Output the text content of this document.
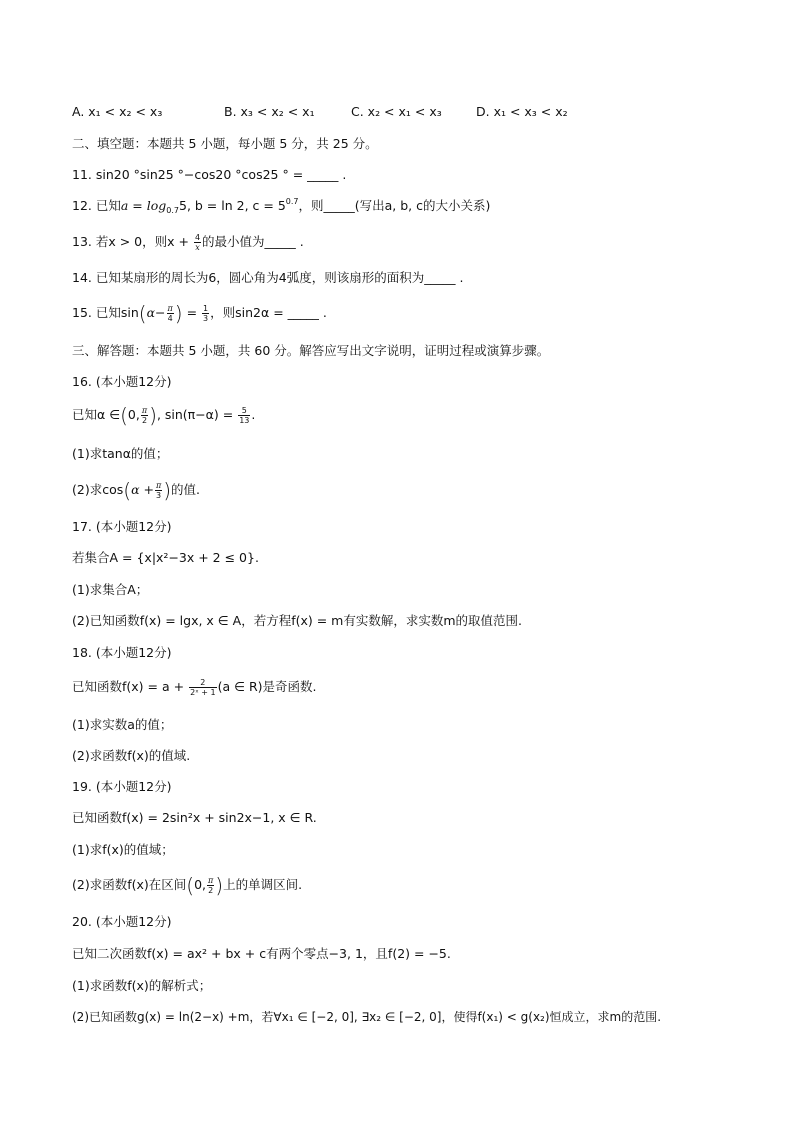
A. x₁ < x₂ < x₃	B. x₃ < x₂ < x₁	C. x₂ < x₁ < x₃	D. x₁ < x₃ < x₂
二、填空题：本题共 5 小题，每小题 5 分，共 25 分。
11. sin20 °sin25 °−cos20 °cos25 ° = _____ .
12. 已知$a = \log_{0.7}5$, b = ln 2, $c = 5^{0.7}$，则_____(写出a, b, c的大小关系)
13. 若x > 0，则$x + \frac{4}{x}$ 的最小值为_____ .
14. 已知某扇形的周长为6，圆心角为4弧度，则该扇形的面积为_____ .
15. 已知$\sin(\alpha- \frac{\pi}{4}$ ) = $\frac{1}{3}$ ，则sin2α = _____ .
三、解答题：本题共 5 小题，共 60 分。解答应写出文字说明，证明过程或演算步骤。
16. (本小题12分)
已知α ∈(0, $\frac{\pi}{2}$ ), $\sin(\pi-\alpha) = \frac{5}{13}$ .
(1)求tanα的值；
(2)求$\cos(\alpha + \frac{\pi}{3}$ )的值.
17. (本小题12分)
若集合A = {x|x²−3x + 2 ≤ 0}.
(1)求集合A；
(2)已知函数f(x) = lgx, x ∈ A，若方程f(x) = m有实数解，求实数m的取值范围.
18. (本小题12分)
已知函数$f(x) = a + \frac{2}{\text{2ˣ + 1}} (a$ ∈ R)是奇函数.
(1)求实数a的值；
(2)求函数f(x)的值域.
19. (本小题12分)
已知函数f(x) = 2sin²x + sin2x−1, x ∈ R.
(1)求f(x)的值域；
(2)求函数f(x)在区间(0, $\frac{\pi}{2}$ )上的单调区间.
20. (本小题12分)
已知二次函数f(x) = ax² + bx + c有两个零点−3, 1，且f(2) = −5.
(1)求函数f(x)的解析式；
(2)已知函数g(x) = ln(2−x) +m，若∀x₁ ∈ [−2, 0], ∃x₂ ∈ [−2, 0]，使得f(x₁) < g(x₂)恒成立，求m的范围.
